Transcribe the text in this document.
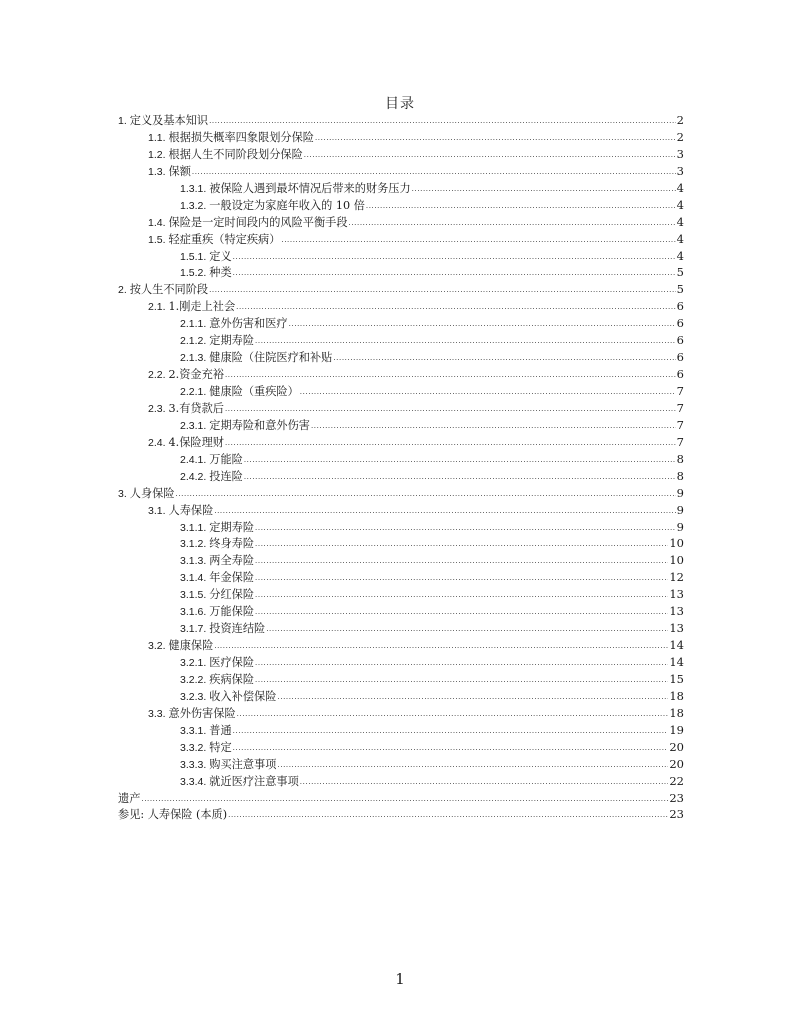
目录
1. 定义及基本知识 .....	2
1.1. 根据损失概率四象限划分保险 .....	2
1.2. 根据人生不同阶段划分保险 .....	3
1.3. 保额 .....	3
1.3.1. 被保险人遇到最坏情况后带来的财务压力 .....	4
1.3.2. 一般设定为家庭年收入的 10 倍 .....	4
1.4. 保险是一定时间段内的风险平衡手段 .....	4
1.5. 轻症重疾（特定疾病） .....	4
1.5.1. 定义 .....	4
1.5.2. 种类 .....	5
2. 按人生不同阶段 .....	5
2.1. 1.刚走上社会 .....	6
2.1.1. 意外伤害和医疗 .....	6
2.1.2. 定期寿险 .....	6
2.1.3. 健康险（住院医疗和补贴 .....	6
2.2. 2.资金充裕 .....	6
2.2.1. 健康险（重疾险） .....	7
2.3. 3.有贷款后 .....	7
2.3.1. 定期寿险和意外伤害 .....	7
2.4. 4.保险理财 .....	7
2.4.1. 万能险 .....	8
2.4.2. 投连险 .....	8
3. 人身保险 .....	9
3.1. 人寿保险 .....	9
3.1.1. 定期寿险 .....	9
3.1.2. 终身寿险 .....	10
3.1.3. 两全寿险 .....	10
3.1.4. 年金保险 .....	12
3.1.5. 分红保险 .....	13
3.1.6. 万能保险 .....	13
3.1.7. 投资连结险 .....	13
3.2. 健康保险 .....	14
3.2.1. 医疗保险 .....	14
3.2.2. 疾病保险 .....	15
3.2.3. 收入补偿保险 .....	18
3.3. 意外伤害保险 .....	18
3.3.1. 普通 .....	19
3.3.2. 特定 .....	20
3.3.3. 购买注意事项 .....	20
3.3.4. 就近医疗注意事项 .....	22
遗产 .....	23
参见: 人寿保险 (本质) .....	23
1
